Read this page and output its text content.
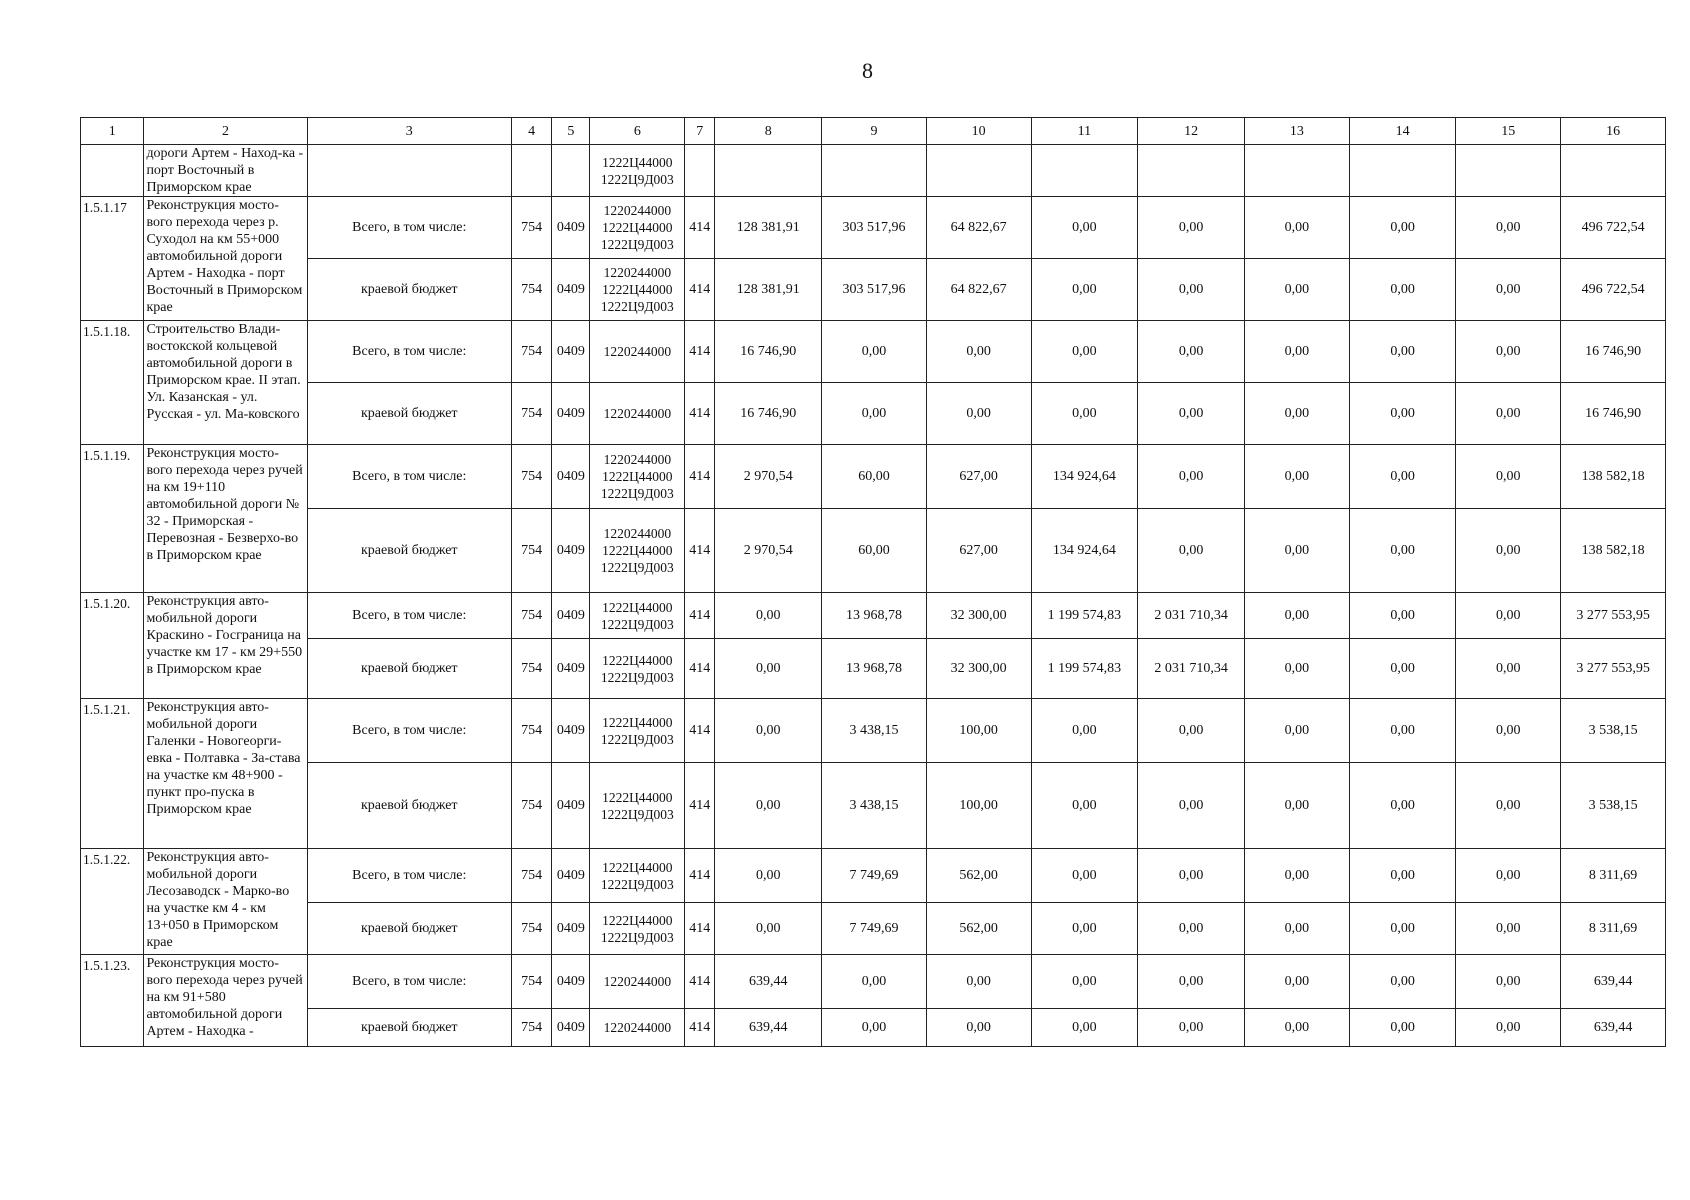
8
1	2	3	4	5	6	7	8	9	10	11	12	13	14	15	16
	дороги Артем - Наход-ка - порт Восточный в Приморском крае				1222Ц44000
1222Ц9Д003										
1.5.1.17	Реконструкция мосто-вого перехода через р. Суходол на км 55+000 автомобильной дороги Артем - Находка - порт Восточный в Приморском крае	Всего, в том числе:	754	0409	1220244000
1222Ц44000
1222Ц9Д003	414	128 381,91	303 517,96	64 822,67	0,00	0,00	0,00	0,00	0,00	496 722,54
		краевой бюджет	754	0409	1220244000
1222Ц44000
1222Ц9Д003	414	128 381,91	303 517,96	64 822,67	0,00	0,00	0,00	0,00	0,00	496 722,54
1.5.1.18.	Строительство Влади-востокской кольцевой автомобильной дороги в Приморском крае. II этап. Ул. Казанская - ул. Русская - ул. Ма-ковского	Всего, в том числе:	754	0409	1220244000	414	16 746,90	0,00	0,00	0,00	0,00	0,00	0,00	0,00	16 746,90
		краевой бюджет	754	0409	1220244000	414	16 746,90	0,00	0,00	0,00	0,00	0,00	0,00	0,00	16 746,90
1.5.1.19.	Реконструкция мосто-вого перехода через ручей на км 19+110 автомобильной дороги № 32 - Приморская - Перевозная - Безверхо-во в Приморском крае	Всего, в том числе:	754	0409	1220244000
1222Ц44000
1222Ц9Д003	414	2 970,54	60,00	627,00	134 924,64	0,00	0,00	0,00	0,00	138 582,18
		краевой бюджет	754	0409	1220244000
1222Ц44000
1222Ц9Д003	414	2 970,54	60,00	627,00	134 924,64	0,00	0,00	0,00	0,00	138 582,18
1.5.1.20.	Реконструкция авто-мобильной дороги Краскино - Госграница на участке км 17 - км 29+550 в Приморском крае	Всего, в том числе:	754	0409	1222Ц44000
1222Ц9Д003	414	0,00	13 968,78	32 300,00	1 199 574,83	2 031 710,34	0,00	0,00	0,00	3 277 553,95
		краевой бюджет	754	0409	1222Ц44000
1222Ц9Д003	414	0,00	13 968,78	32 300,00	1 199 574,83	2 031 710,34	0,00	0,00	0,00	3 277 553,95
1.5.1.21.	Реконструкция авто-мобильной дороги Галенки - Новогеорги-евка - Полтавка - За-става на участке км 48+900 - пункт про-пуска в Приморском крае	Всего, в том числе:	754	0409	1222Ц44000
1222Ц9Д003	414	0,00	3 438,15	100,00	0,00	0,00	0,00	0,00	0,00	3 538,15
		краевой бюджет	754	0409	1222Ц44000
1222Ц9Д003	414	0,00	3 438,15	100,00	0,00	0,00	0,00	0,00	0,00	3 538,15
1.5.1.22.	Реконструкция авто-мобильной дороги Лесозаводск - Марко-во на участке км 4 - км 13+050 в Приморском крае	Всего, в том числе:	754	0409	1222Ц44000
1222Ц9Д003	414	0,00	7 749,69	562,00	0,00	0,00	0,00	0,00	0,00	8 311,69
		краевой бюджет	754	0409	1222Ц44000
1222Ц9Д003	414	0,00	7 749,69	562,00	0,00	0,00	0,00	0,00	0,00	8 311,69
1.5.1.23.	Реконструкция мосто-вого перехода через ручей на км 91+580 автомобильной дороги Артем - Находка -	Всего, в том числе:	754	0409	1220244000	414	639,44	0,00	0,00	0,00	0,00	0,00	0,00	0,00	639,44
		краевой бюджет	754	0409	1220244000	414	639,44	0,00	0,00	0,00	0,00	0,00	0,00	0,00	639,44
